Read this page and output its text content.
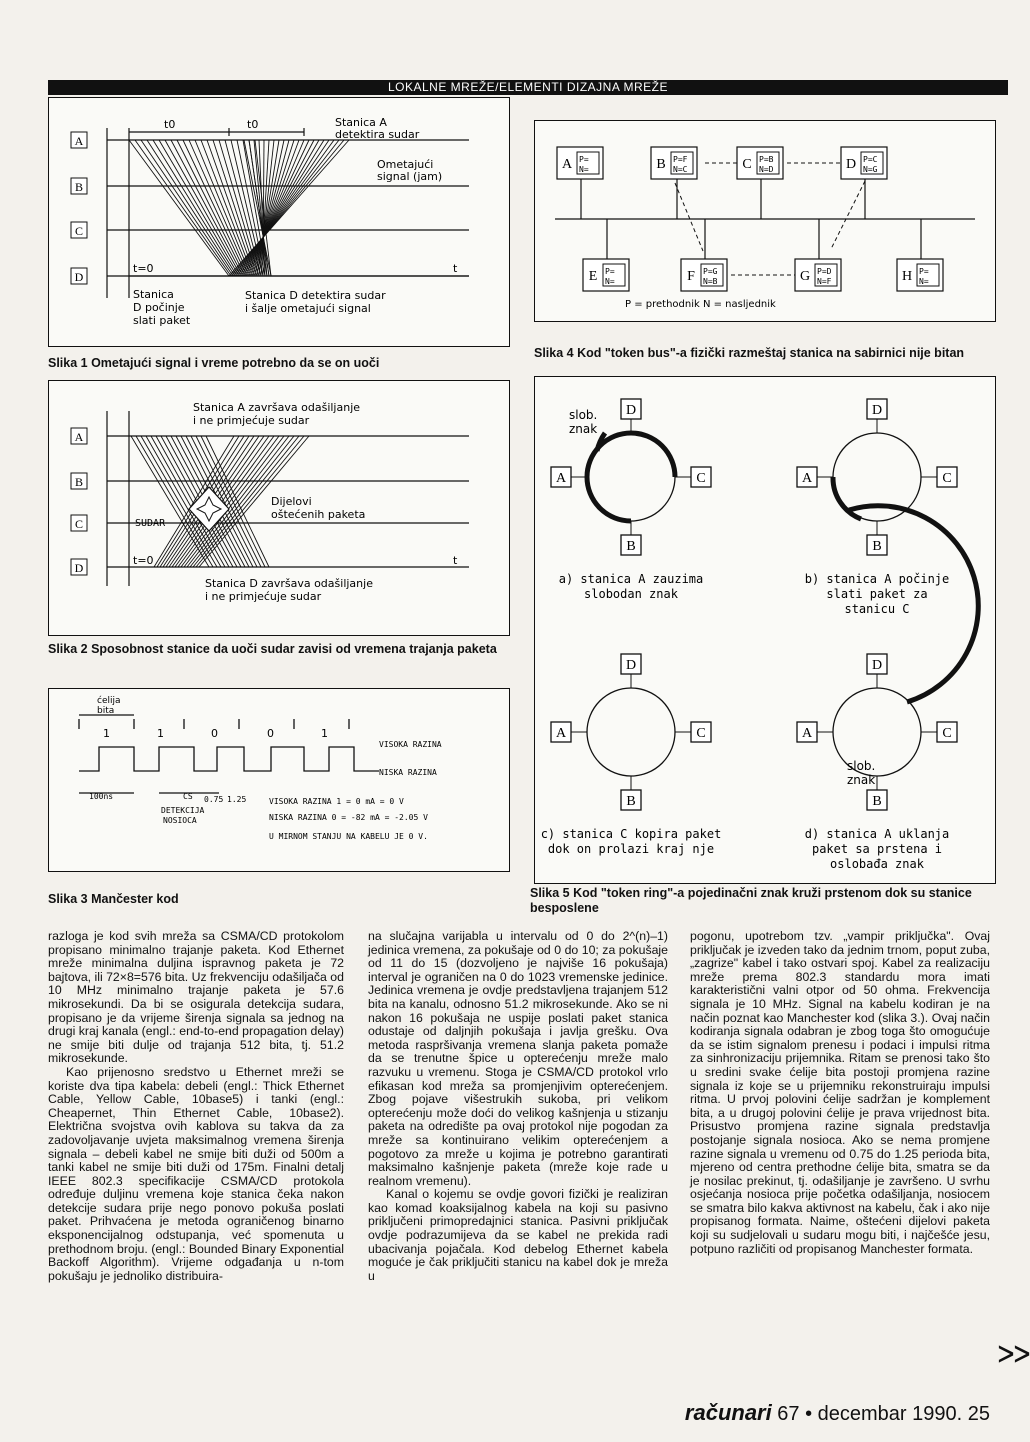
LOKALNE MREŽE/ELEMENTI DIZAJNA MREŽE
A
B
C
D
t0	t0	Stanica A
detektira sudar
Ometajući
signal (jam)
t=0	t
Stanica
D počinje
slati paket
Stanica D detektira sudar
i šalje ometajući signal
Slika 1 Ometajući signal i vreme potrebno da se on uoči
A
B
C
D
Stanica A završava odašiljanje
i ne primjećuje sudar
Dijelovi
oštećenih paketa
SUDAR
t=0	t
Stanica D završava odašiljanje
i ne primjećuje sudar
Slika 2 Sposobnost stanice da uoči sudar zavisi od vremena trajanja paketa
ćelija
bita
1	1	0	0	1
VISOKA RAZINA
NISKA RAZINA
100ns	CS 0.75 1.25
DETEKCIJA
NOSIOCA
VISOKA RAZINA 1 = 0 mA = 0 V
NISKA RAZINA 0 = -82 mA = -2.05 V
U MIRNOM STANJU NA KABELU JE 0 V.
Slika 3 Mančester kod
A P=
N=	B P=F
N=C	C P=B
N=D	D P=C
N=G
E P=
N=	F P=G
N=B	G P=D
N=F	H P=
N=
P = prethodnik N = nasljednik
Slika 4 Kod "token bus"-a fizički razmeštaj stanica na sabirnici nije bitan
D
A	C
B
slob.
znak
a) stanica A zauzima
slobodan znak
D
A	C
B
b) stanica A počinje
slati paket za
stanicu C
D
A	C
B
c) stanica C kopira paket
dok on prolazi kraj nje
D
A	C
B
slob.
znak
d) stanica A uklanja
paket sa prstena i
oslobađa znak
Slika 5 Kod "token ring"-a pojedinačni znak kruži prstenom dok su stanice besposlene

razloga je kod svih mreža sa CSMA/CD protokolom propisano minimalno trajanje paketa. Kod Ethernet mreže minimalna duljina ispravnog paketa je 72 bajtova, ili 72×8=576 bita. Uz frekvenciju odašiljača od 10 MHz minimalno trajanje paketa je 57.6 mikrosekundi. Da bi se osigurala detekcija sudara, propisano je da vrijeme širenja signala sa jednog na drugi kraj kanala (engl.: end-to-end propagation delay) ne smije biti dulje od trajanja 512 bita, tj. 51.2 mikrosekunde.

Kao prijenosno sredstvo u Ethernet mreži se koriste dva tipa kabela: debeli (engl.: Thick Ethernet Cable, Yellow Cable, 10base5) i tanki (engl.: Cheapernet, Thin Ethernet Cable, 10base2). Električna svojstva ovih kablova su takva da za zadovoljavanje uvjeta maksimalnog vremena širenja signala – debeli kabel ne smije biti duži od 500m a tanki kabel ne smije biti duži od 175m. Finalni detalj IEEE 802.3 specifikacije CSMA/CD protokola određuje duljinu vremena koje stanica čeka nakon detekcije sudara prije nego ponovo pokuša poslati paket. Prihvaćena je metoda ograničenog binarno eksponencijalnog odstupanja, već spomenuta u prethodnom broju. (engl.: Bounded Binary Exponential Backoff Algorithm). Vrijeme odgađanja u n-tom pokušaju je jednoliko distribuira-

na slučajna varijabla u intervalu od 0 do 2^(n)–1) jedinica vremena, za pokušaje od 0 do 10; za pokušaje od 11 do 15 (dozvoljeno je najviše 16 pokušaja) interval je ograničen na 0 do 1023 vremenske jedinice. Jedinica vremena je ovdje predstavljena trajanjem 512 bita na kanalu, odnosno 51.2 mikrosekunde. Ako se ni nakon 16 pokušaja ne uspije poslati paket stanica odustaje od daljnjih pokušaja i javlja grešku. Ova metoda raspršivanja vremena slanja paketa pomaže da se trenutne špice u opterećenju mreže malo razvuku u vremenu. Stoga je CSMA/CD protokol vrlo efikasan kod mreža sa promjenjivim opterećenjem. Zbog pojave višestrukih sukoba, pri velikom opterećenju može doći do velikog kašnjenja u stizanju paketa na odredište pa ovaj protokol nije pogodan za mreže sa kontinuirano velikim opterećenjem a pogotovo za mreže u kojima je potrebno garantirati maksimalno kašnjenje paketa (mreže koje rade u realnom vremenu).

Kanal o kojemu se ovdje govori fizički je realiziran kao komad koaksijalnog kabela na koji su pasivno priključeni primopredajnici stanica. Pasivni priključak ovdje podrazumijeva da se kabel ne prekida radi ubacivanja pojačala. Kod debelog Ethernet kabela moguće je čak priključiti stanicu na kabel dok je mreža u

pogonu, upotrebom tzv. „vampir priključka". Ovaj priključak je izveden tako da jednim trnom, poput zuba, „zagrize" kabel i tako ostvari spoj. Kabel za realizaciju mreže prema 802.3 standardu mora imati karakteristični valni otpor od 50 ohma. Frekvencija signala je 10 MHz. Signal na kabelu kodiran je na način poznat kao Manchester kod (slika 3.). Ovaj način kodiranja signala odabran je zbog toga što omogućuje da se istim signalom prenesu i podaci i impulsi ritma za sinhronizaciju prijemnika. Ritam se prenosi tako što u sredini svake ćelije bita postoji promjena razine signala iz koje se u prijemniku rekonstruiraju impulsi ritma. U prvoj polovini ćelije sadržan je komplement bita, a u drugoj polovini ćelije je prava vrijednost bita. Prisustvo promjena razine signala predstavlja postojanje signala nosioca. Ako se nema promjene razine signala u vremenu od 0.75 do 1.25 perioda bita, mjereno od centra prethodne ćelije bita, smatra se da je nosilac prekinut, tj. odašiljanje je završeno. U svrhu osjećanja nosioca prije početka odašiljanja, nosiocem se smatra bilo kakva aktivnost na kabelu, čak i ako nije propisanog formata. Naime, oštećeni dijelovi paketa koji su sudjelovali u sudaru mogu biti, i najčešće jesu, potpuno različiti od propisanog Manchester formata.

ᐳᐳ
računari 67 • decembar 1990. 25
